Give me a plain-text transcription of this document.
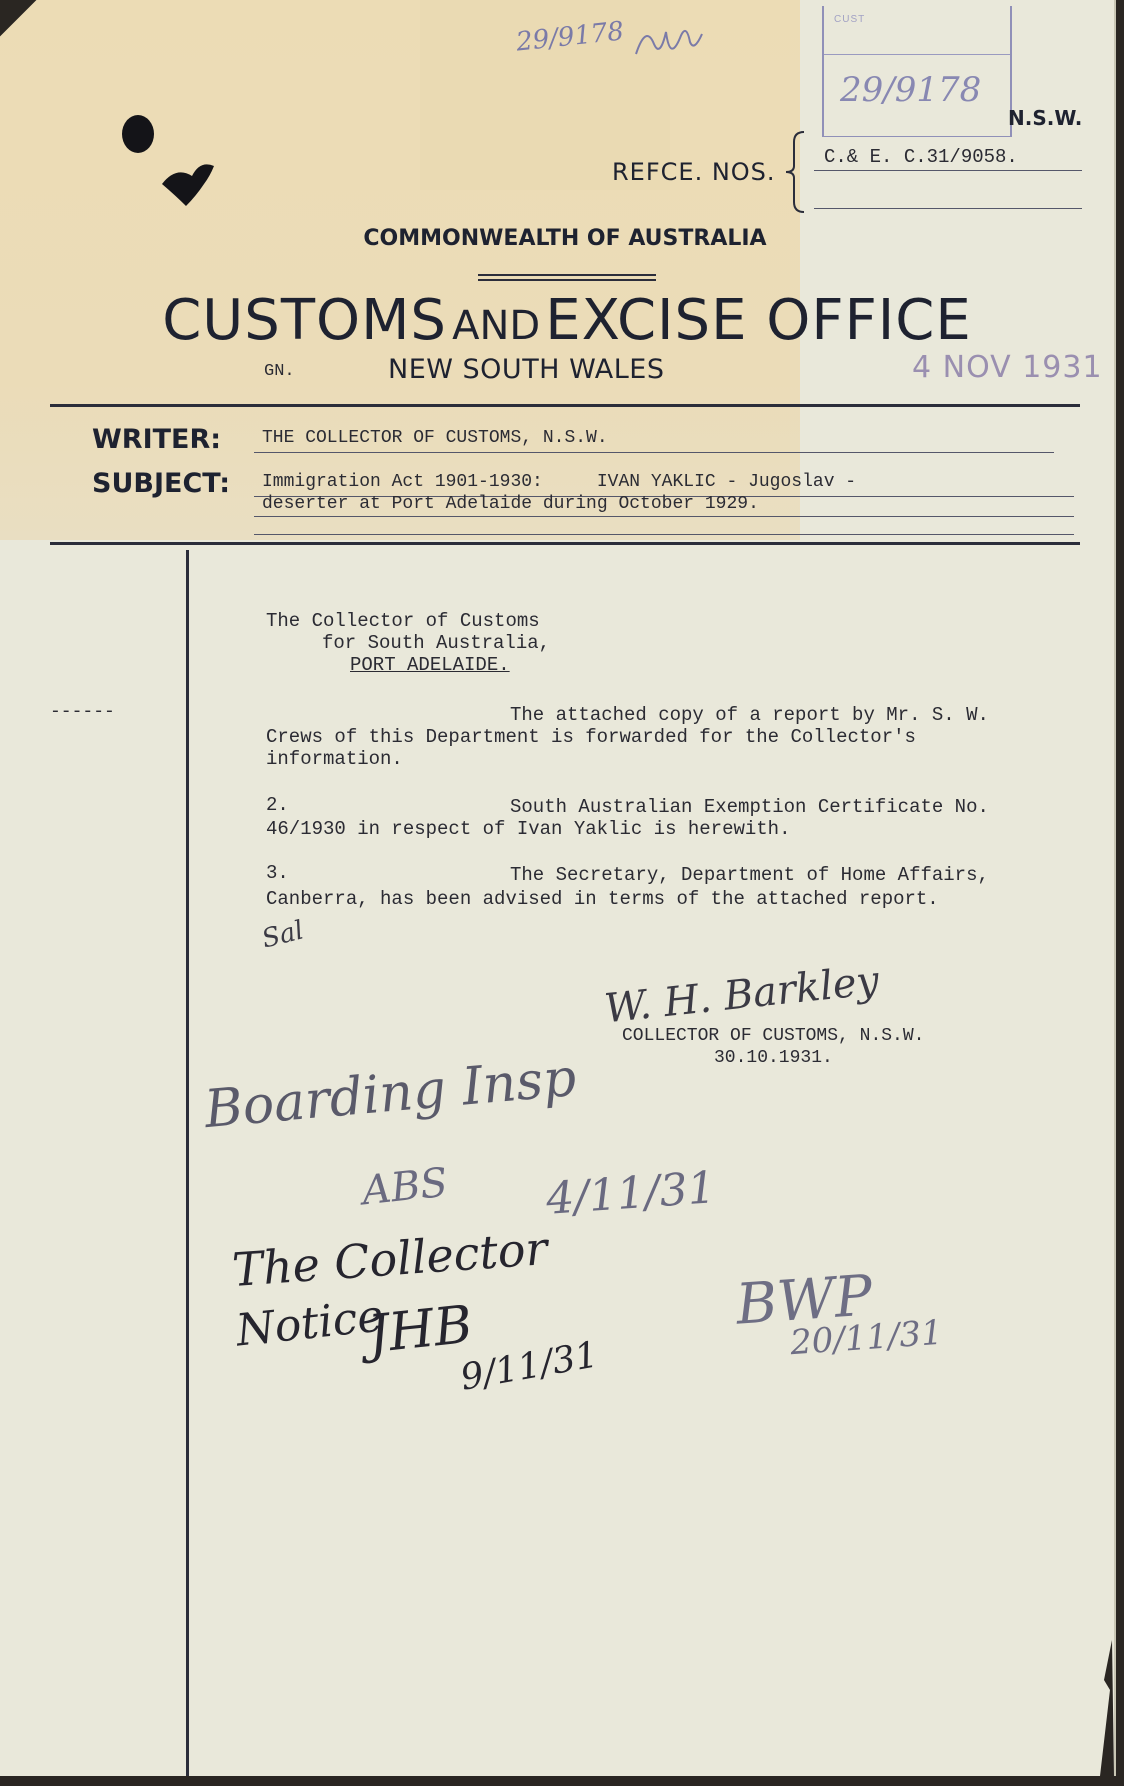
29/9178	CUST
29/9178
N.S.W.
REFCE. NOS.
C.& E. C.31/9058.
COMMONWEALTH OF AUSTRALIA
CUSTOMS AND EXCISE OFFICE
GN.	NEW SOUTH WALES	4 NOV 1931
WRITER: THE COLLECTOR OF CUSTOMS, N.S.W.
SUBJECT: Immigration Act 1901-1930:     IVAN YAKLIC - Jugoslav -
deserter at Port Adelaide during October 1929.
------
The Collector of Customs
for South Australia,
PORT ADELAIDE.
The attached copy of a report by Mr. S. W.
Crews of this Department is forwarded for the Collector's
information.
2.	South Australian Exemption Certificate No.
46/1930 in respect of Ivan Yaklic is herewith.
3.	The Secretary, Department of Home Affairs,
Canberra, has been advised in terms of the attached report.
Sal
W. H. Barkley
COLLECTOR OF CUSTOMS, N.S.W.
30.10.1931.
Boarding Insp
ABS 4/11/31
The Collector
Notice
JHB
9/11/31
BWP
20/11/31
